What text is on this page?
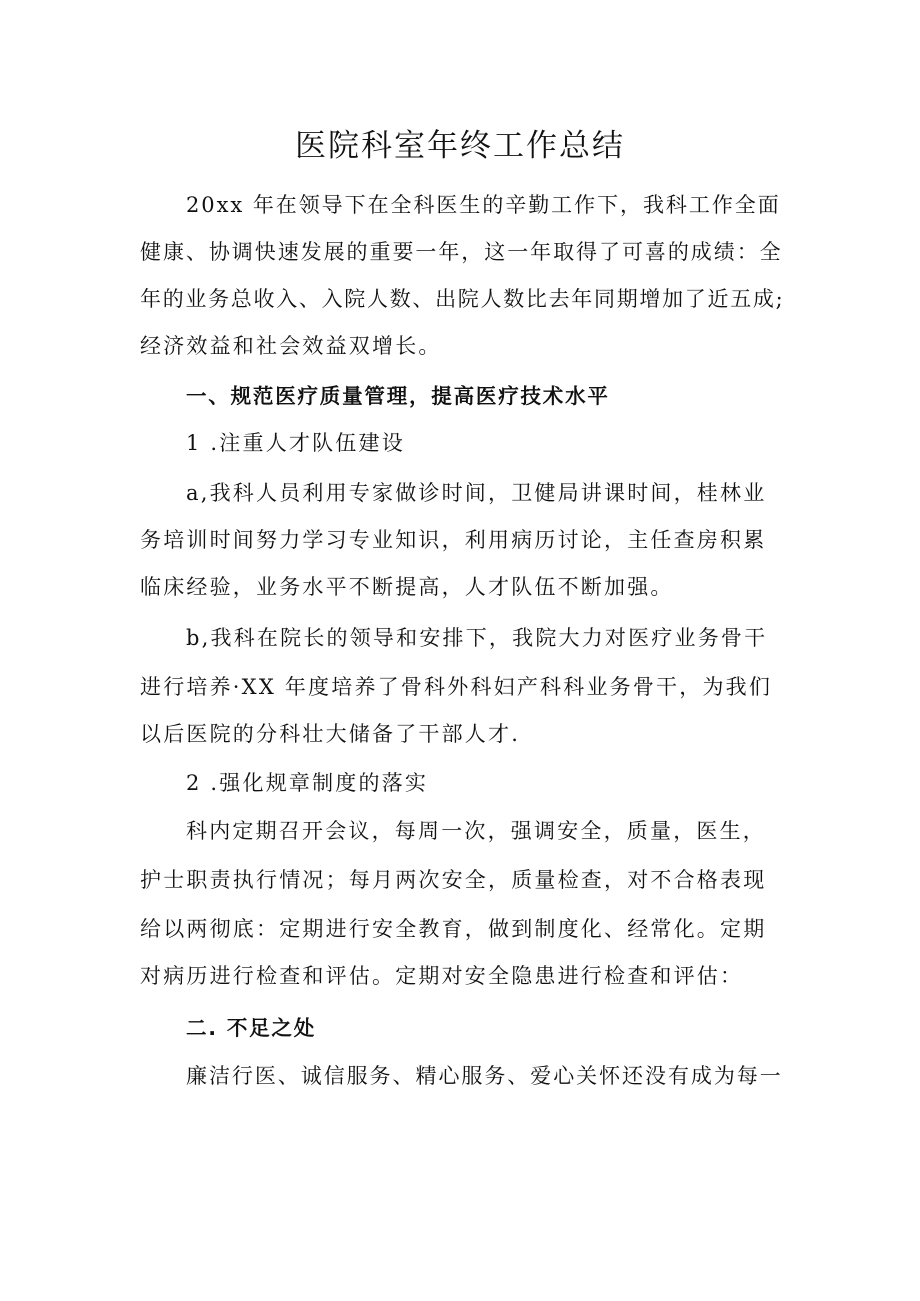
医院科室年终工作总结
20xx 年在领导下在全科医生的辛勤工作下，我科工作全面
健康、协调快速发展的重要一年，这一年取得了可喜的成绩：全
年的业务总收入、入院人数、出院人数比去年同期增加了近五成;
经济效益和社会效益双增长。
一、规范医疗质量管理，提高医疗技术水平
1 .注重人才队伍建设
a,我科人员利用专家做诊时间，卫健局讲课时间，桂林业
务培训时间努力学习专业知识，利用病历讨论，主任查房积累
临床经验，业务水平不断提高，人才队伍不断加强。
b,我科在院长的领导和安排下，我院大力对医疗业务骨干
进行培养·XX 年度培养了骨科外科妇产科科业务骨干，为我们
以后医院的分科壮大储备了干部人才.
2 .强化规章制度的落实
科内定期召开会议，每周一次，强调安全，质量，医生，
护士职责执行情况；每月两次安全，质量检查，对不合格表现
给以两彻底：定期进行安全教育，做到制度化、经常化。定期
对病历进行检查和评估。定期对安全隐患进行检查和评估：
二. 不足之处
廉洁行医、诚信服务、精心服务、爱心关怀还没有成为每一
